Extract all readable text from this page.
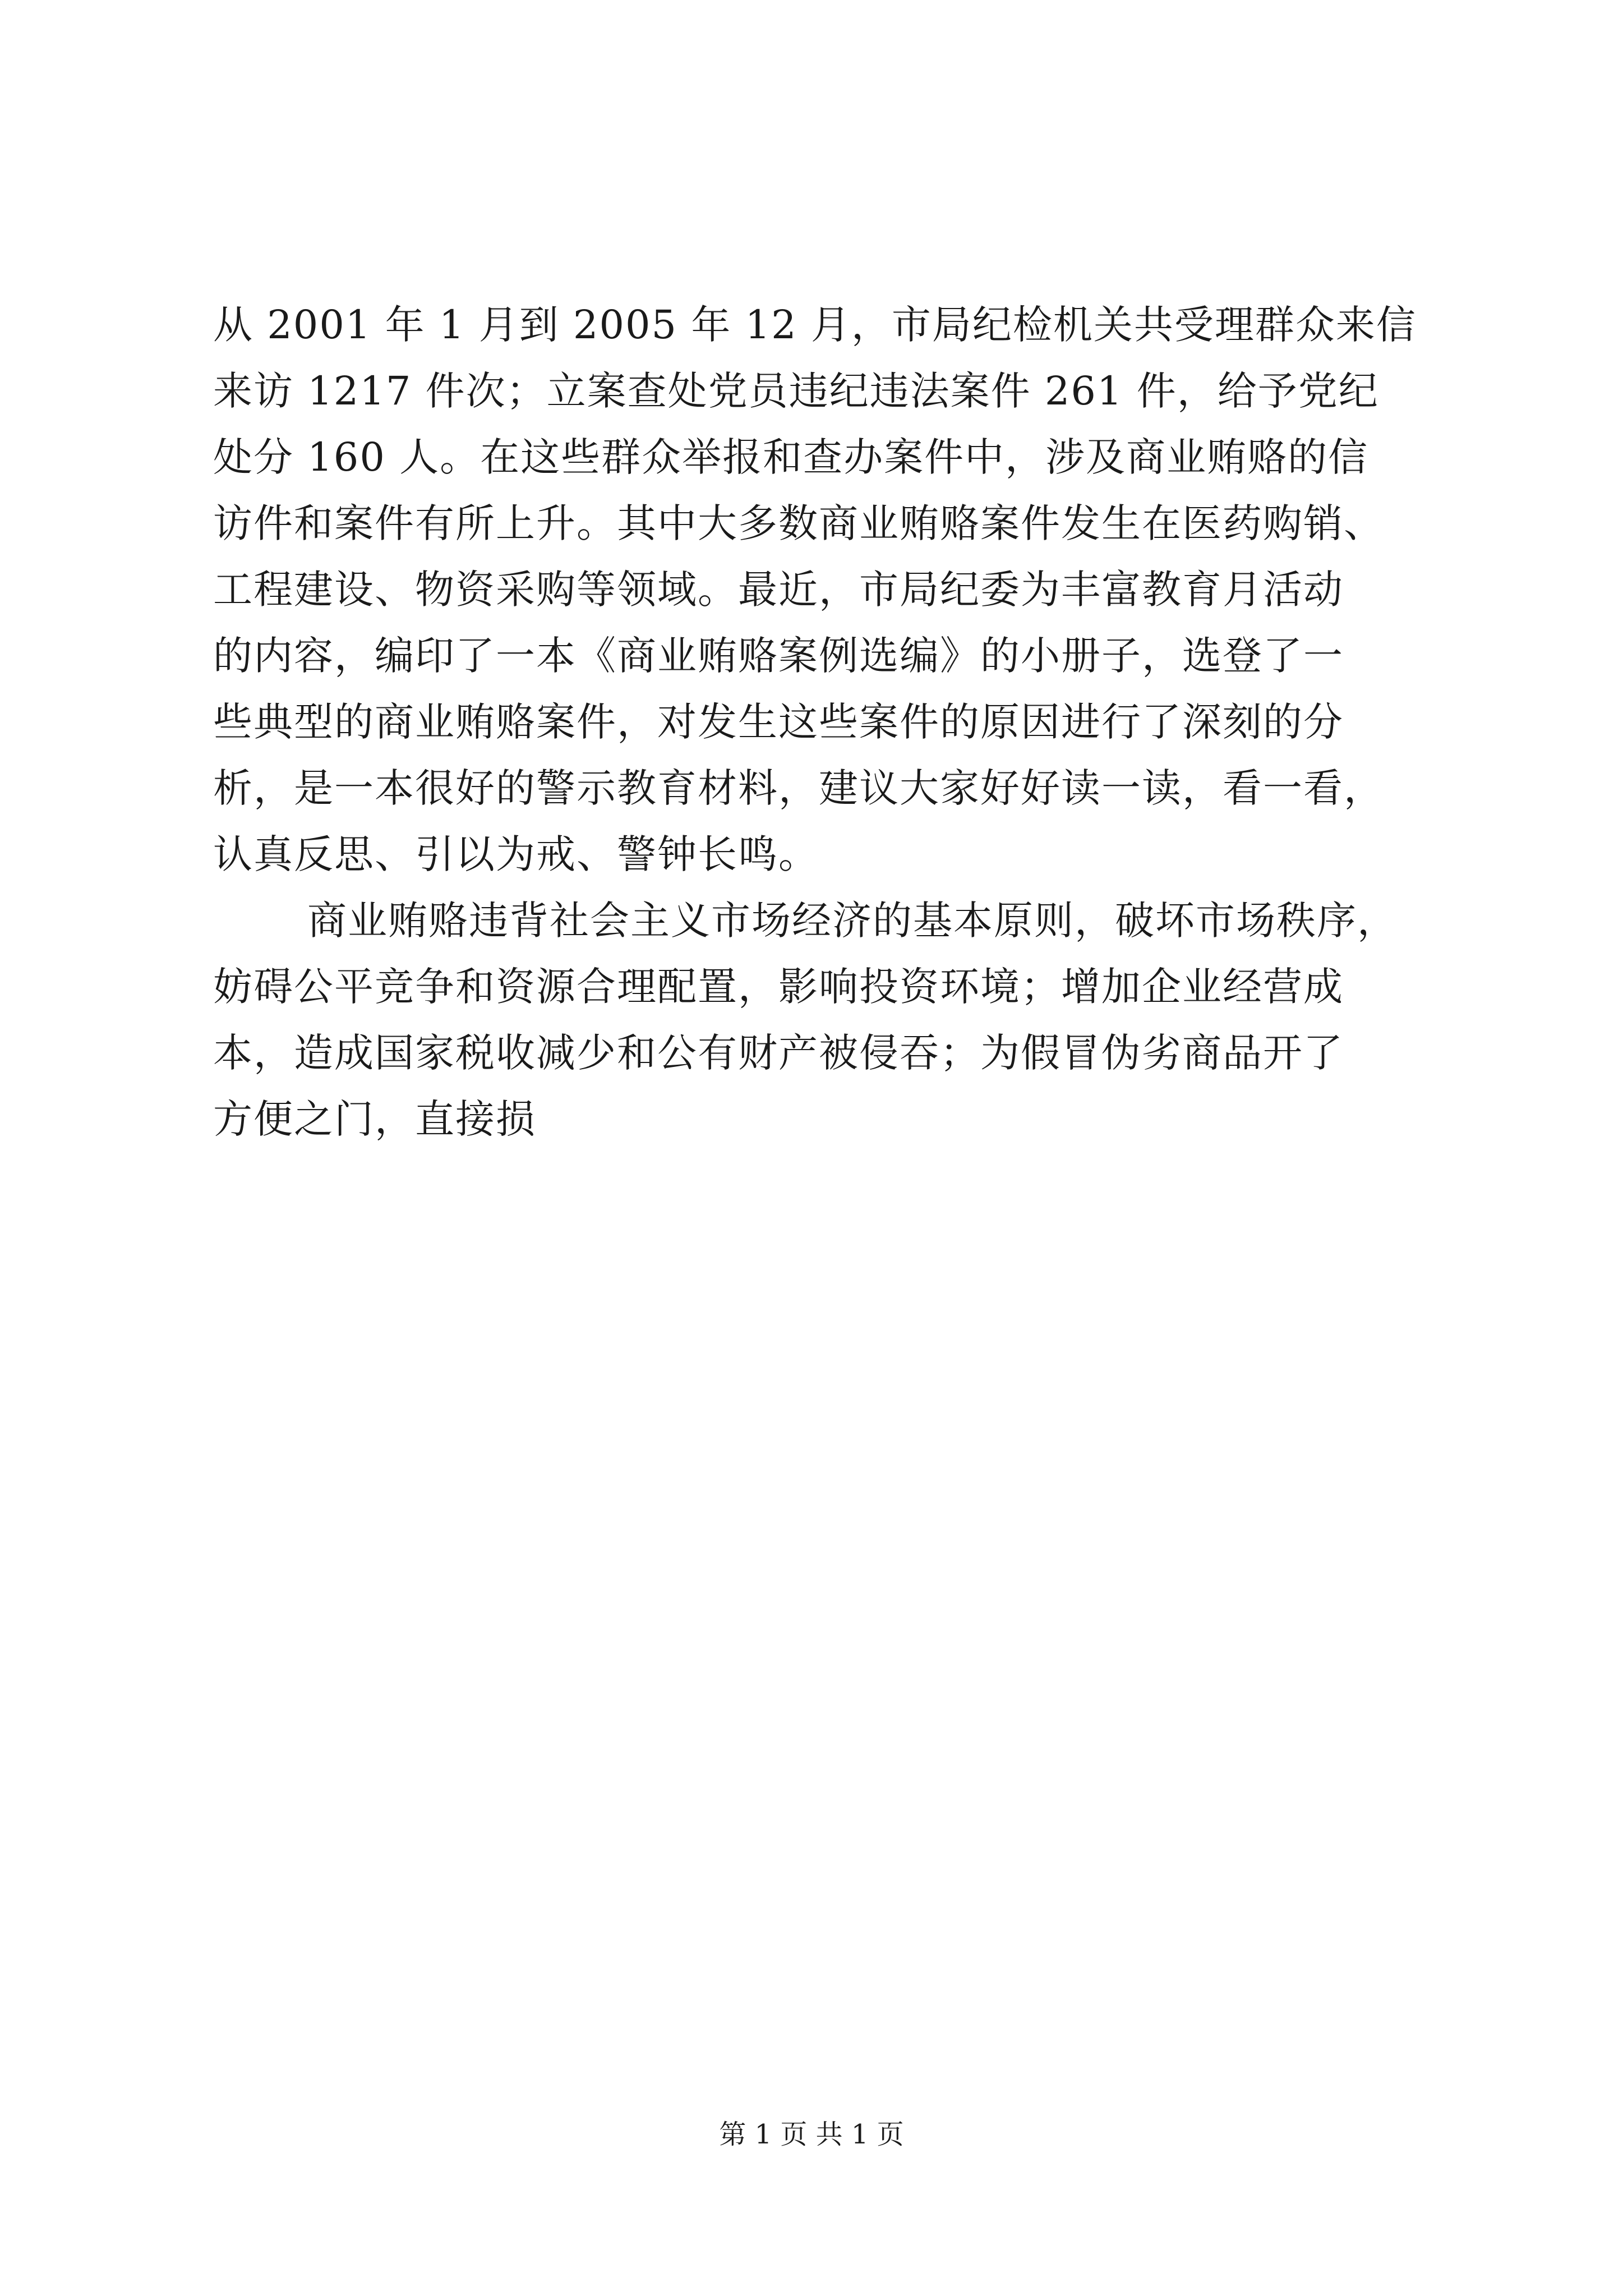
从 2001 年 1 月到 2005 年 12 月，市局纪检机关共受理群众来信
来访 1217 件次；立案查处党员违纪违法案件 261 件，给予党纪
处分 160 人。在这些群众举报和查办案件中，涉及商业贿赂的信
访件和案件有所上升。其中大多数商业贿赂案件发生在医药购销、
工程建设、物资采购等领域。最近，市局纪委为丰富教育月活动
的内容，编印了一本《商业贿赂案例选编》的小册子，选登了一
些典型的商业贿赂案件，对发生这些案件的原因进行了深刻的分
析，是一本很好的警示教育材料，建议大家好好读一读，看一看，
认真反思、引以为戒、警钟长鸣。
商业贿赂违背社会主义市场经济的基本原则，破坏市场秩序，
妨碍公平竞争和资源合理配置，影响投资环境；增加企业经营成
本，造成国家税收减少和公有财产被侵吞；为假冒伪劣商品开了
方便之门，直接损
第 1 页 共 1 页
